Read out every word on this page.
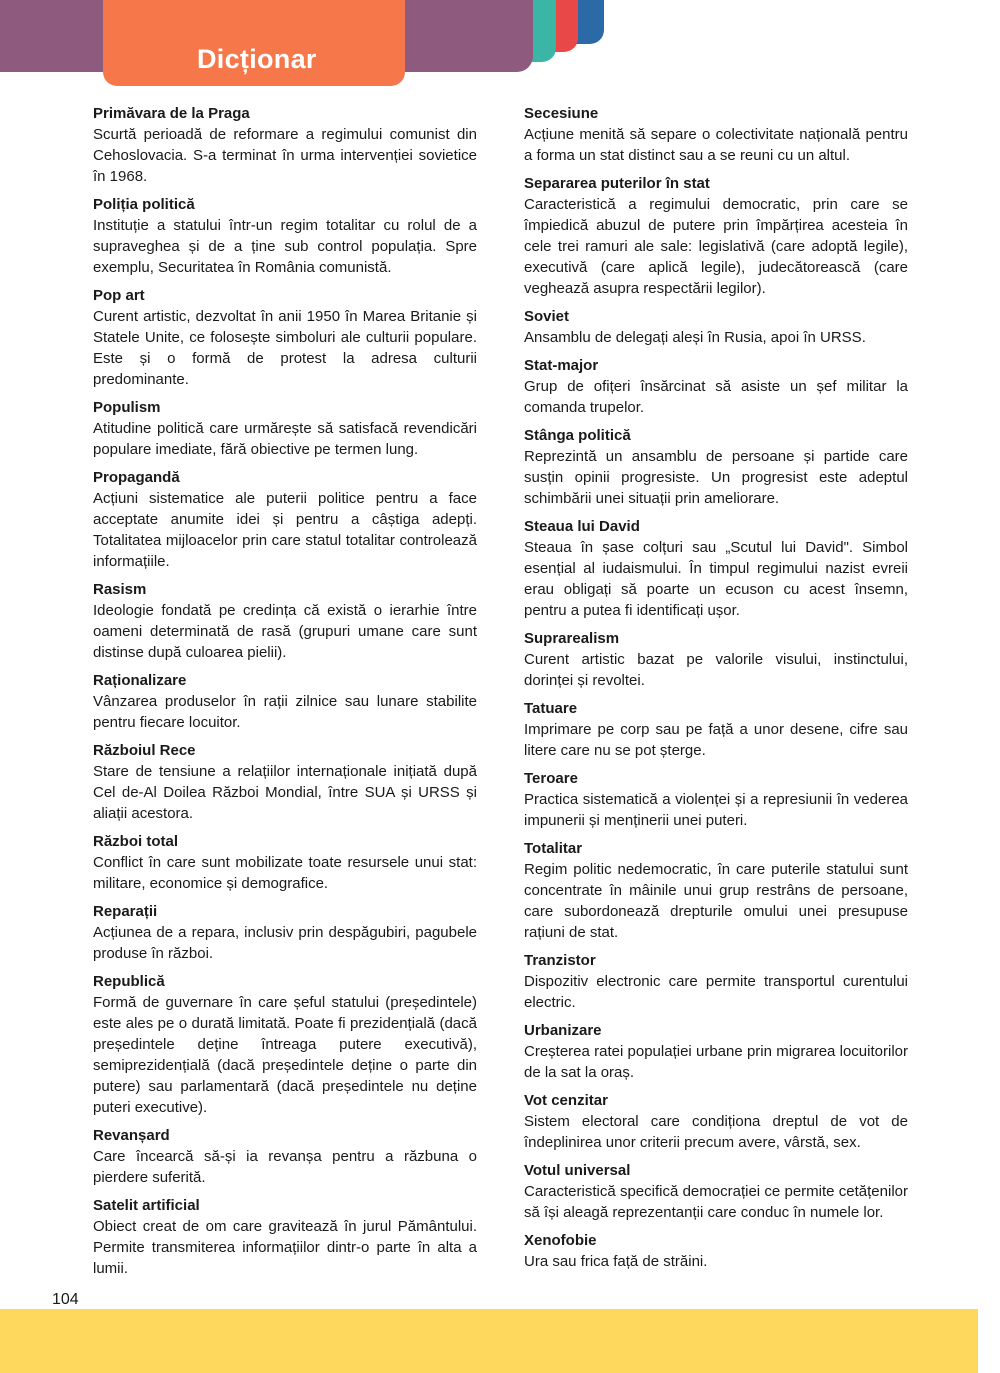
Dicționar
Primăvara de la Praga
Scurtă perioadă de reformare a regimului comunist din Cehoslovacia. S-a terminat în urma intervenției sovietice în 1968.
Poliția politică
Instituție a statului într-un regim totalitar cu rolul de a supraveghea și de a ține sub control populația. Spre exemplu, Securitatea în România comunistă.
Pop art
Curent artistic, dezvoltat în anii 1950 în Marea Britanie și Statele Unite, ce folosește simboluri ale culturii populare. Este și o formă de protest la adresa culturii predominante.
Populism
Atitudine politică care urmărește să satisfacă revendicări populare imediate, fără obiective pe termen lung.
Propagandă
Acțiuni sistematice ale puterii politice pentru a face acceptate anumite idei și pentru a câștiga adepți. Totalitatea mijloacelor prin care statul totalitar controlează informațiile.
Rasism
Ideologie fondată pe credința că există o ierarhie între oameni determinată de rasă (grupuri umane care sunt distinse după culoarea pielii).
Raționalizare
Vânzarea produselor în rații zilnice sau lunare stabilite pentru fiecare locuitor.
Războiul Rece
Stare de tensiune a relațiilor internaționale inițiată după Cel de-Al Doilea Război Mondial, între SUA și URSS și aliații acestora.
Război total
Conflict în care sunt mobilizate toate resursele unui stat: militare, economice și demografice.
Reparații
Acțiunea de a repara, inclusiv prin despăgubiri, pagubele produse în război.
Republică
Formă de guvernare în care șeful statului (președintele) este ales pe o durată limitată. Poate fi prezidențială (dacă președintele deține întreaga putere executivă), semiprezidențială (dacă președintele deține o parte din putere) sau parlamentară (dacă președintele nu deține puteri executive).
Revanșard
Care încearcă să-și ia revanșa pentru a răzbuna o pierdere suferită.
Satelit artificial
Obiect creat de om care gravitează în jurul Pământului. Permite transmiterea informațiilor dintr-o parte în alta a lumii.
Secesiune
Acțiune menită să separe o colectivitate națională pentru a forma un stat distinct sau a se reuni cu un altul.
Separarea puterilor în stat
Caracteristică a regimului democratic, prin care se împiedică abuzul de putere prin împărțirea acesteia în cele trei ramuri ale sale: legislativă (care adoptă legile), executivă (care aplică legile), judecătorească (care veghează asupra respectării legilor).
Soviet
Ansamblu de delegați aleși în Rusia, apoi în URSS.
Stat-major
Grup de ofițeri însărcinat să asiste un șef militar la comanda trupelor.
Stânga politică
Reprezintă un ansamblu de persoane și partide care susțin opinii progresiste. Un progresist este adeptul schimbării unei situații prin ameliorare.
Steaua lui David
Steaua în șase colțuri sau „Scutul lui David". Simbol esențial al iudaismului. În timpul regimului nazist evreii erau obligați să poarte un ecuson cu acest însemn, pentru a putea fi identificați ușor.
Suprarealism
Curent artistic bazat pe valorile visului, instinctului, dorinței și revoltei.
Tatuare
Imprimare pe corp sau pe față a unor desene, cifre sau litere care nu se pot șterge.
Teroare
Practica sistematică a violenței și a represiunii în vederea impunerii și menținerii unei puteri.
Totalitar
Regim politic nedemocratic, în care puterile statului sunt concentrate în mâinile unui grup restrâns de persoane, care subordonează drepturile omului unei presupuse rațiuni de stat.
Tranzistor
Dispozitiv electronic care permite transportul curentului electric.
Urbanizare
Creșterea ratei populației urbane prin migrarea locuitorilor de la sat la oraș.
Vot cenzitar
Sistem electoral care condiționa dreptul de vot de îndeplinirea unor criterii precum avere, vârstă, sex.
Votul universal
Caracteristică specifică democrației ce permite cetățenilor să își aleagă reprezentanții care conduc în numele lor.
Xenofobie
Ura sau frica față de străini.
104
